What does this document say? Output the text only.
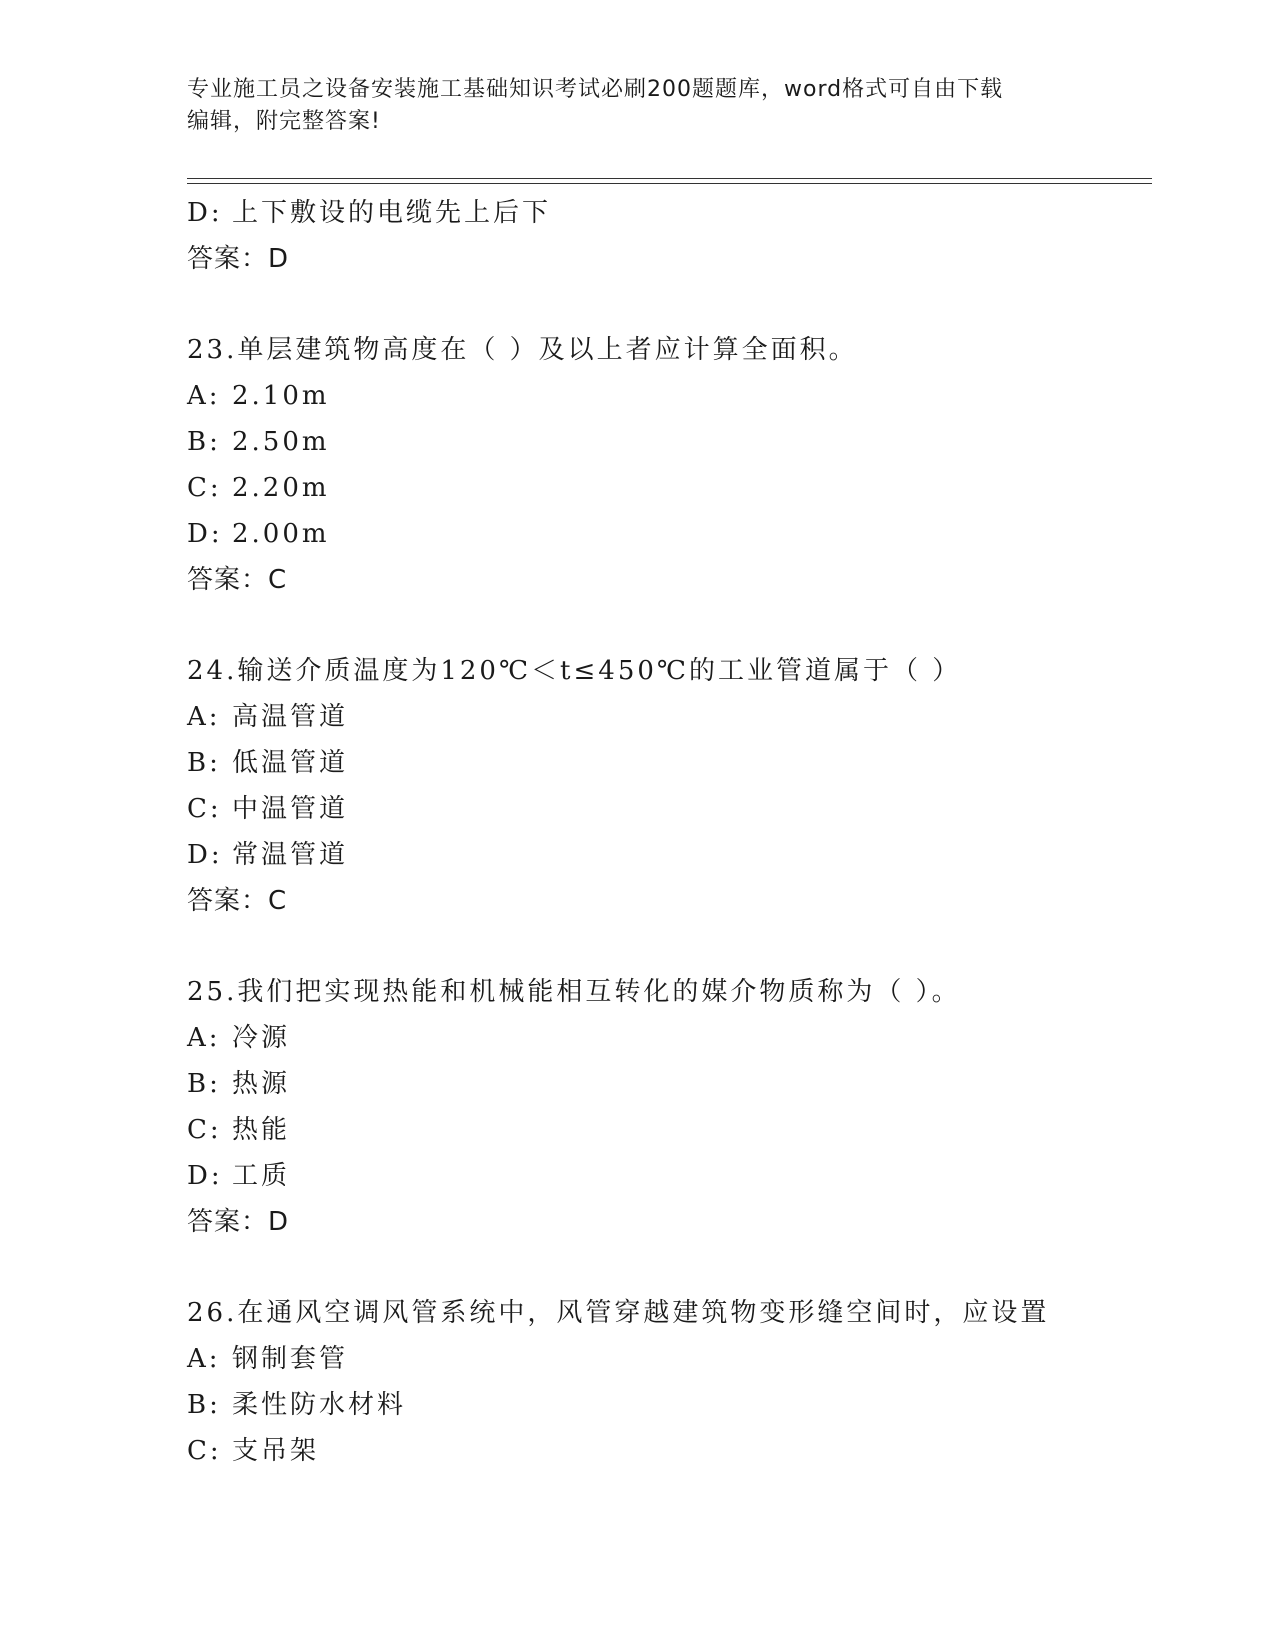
专业施工员之设备安装施工基础知识考试必刷200题题库，word格式可自由下载
编辑，附完整答案!
D: 上下敷设的电缆先上后下
答案：D
23.单层建筑物高度在（ ）及以上者应计算全面积。
A: 2.10m
B: 2.50m
C: 2.20m
D: 2.00m
答案：C
24.输送介质温度为120℃＜t≤450℃的工业管道属于（ ）
A: 高温管道
B: 低温管道
C: 中温管道
D: 常温管道
答案：C
25.我们把实现热能和机械能相互转化的媒介物质称为（ ）。
A: 冷源
B: 热源
C: 热能
D: 工质
答案：D
26.在通风空调风管系统中，风管穿越建筑物变形缝空间时，应设置
A: 钢制套管
B: 柔性防水材料
C: 支吊架
